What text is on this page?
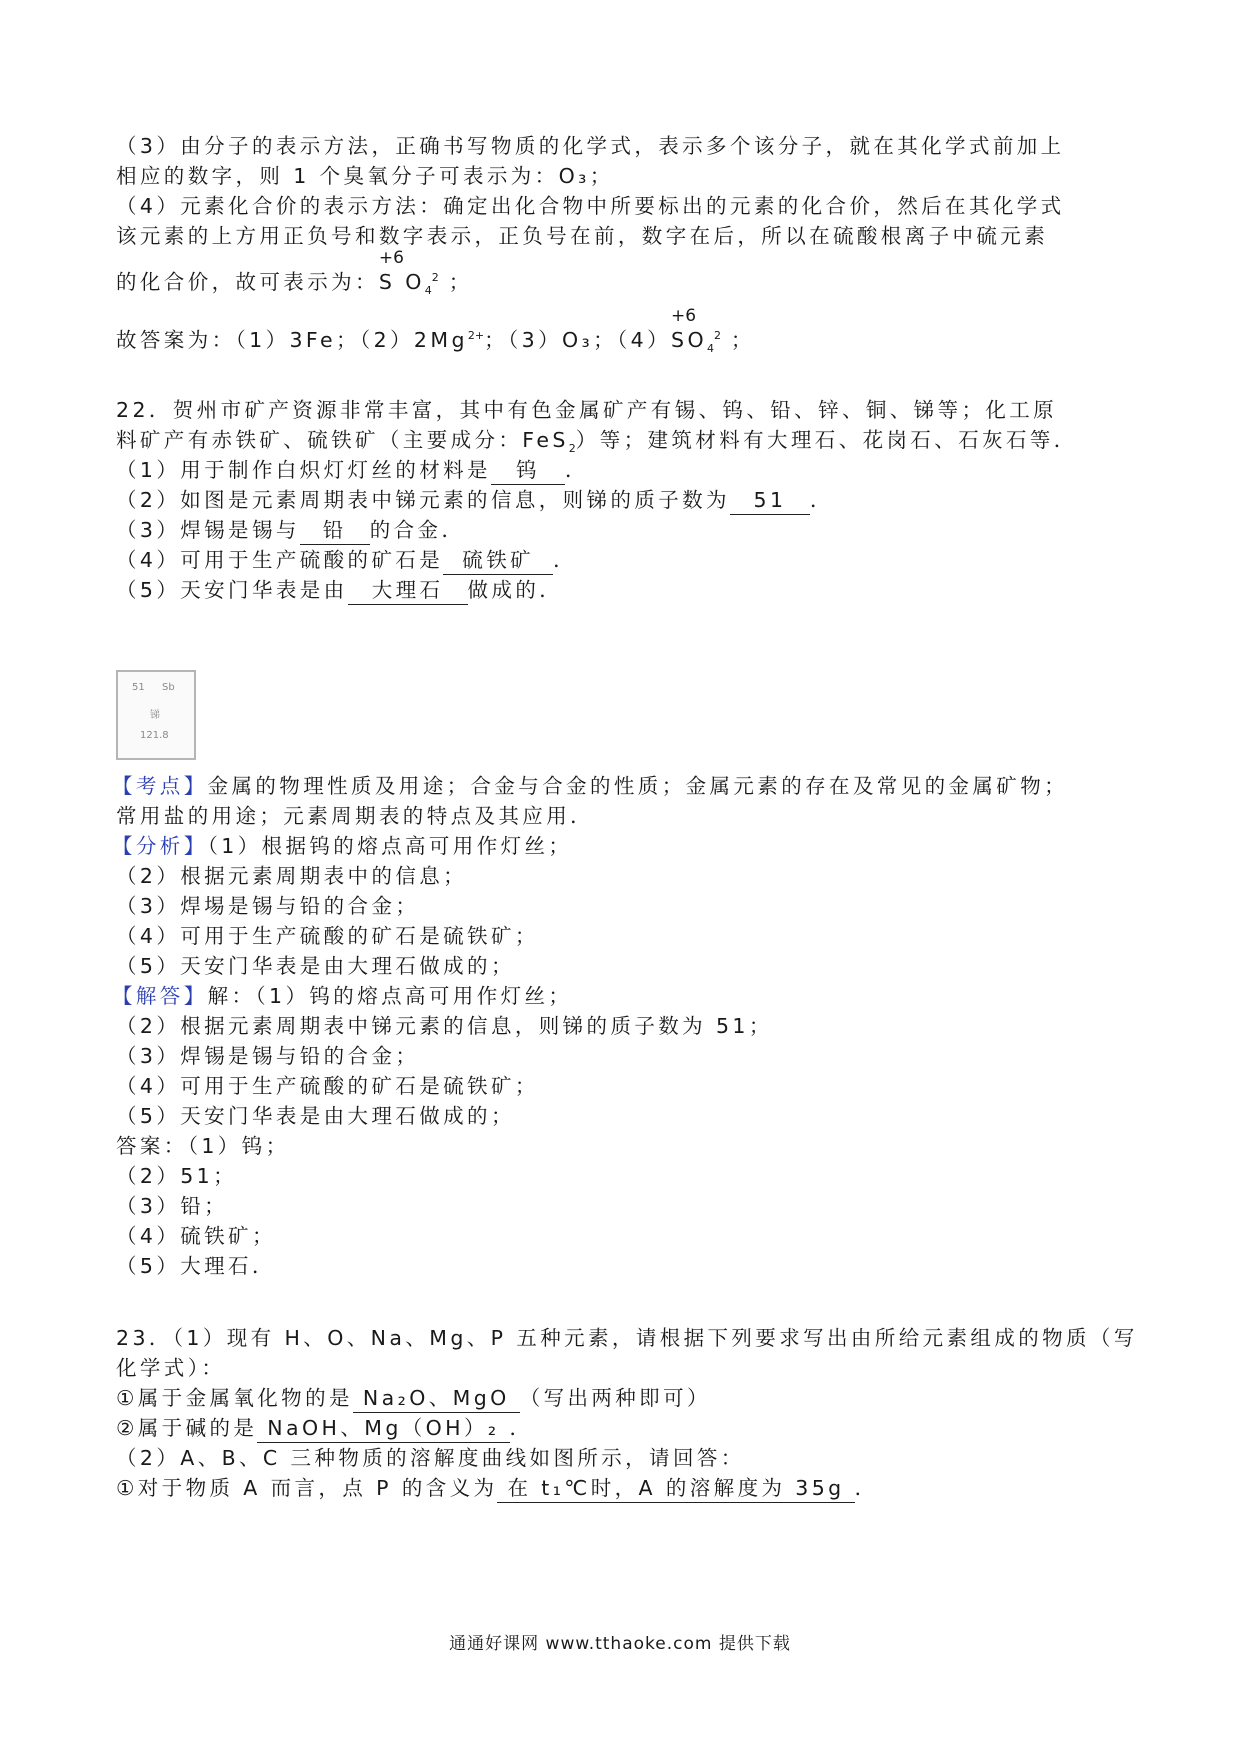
（3）由分子的表示方法，正确书写物质的化学式，表示多个该分子，就在其化学式前加上
相应的数字，则 1 个臭氧分子可表示为：O₃；
（4）元素化合价的表示方法：确定出化合物中所要标出的元素的化合价，然后在其化学式
该元素的上方用正负号和数字表示，正负号在前，数字在后，所以在硫酸根离子中硫元素
的化合价，故可表示为：
+6
S $O_4^2$ ；
故答案为：（1）3Fe；$(2)2Mg^{2+}$；（3）O₃；（4）
+6
$SO_4^2$ ；
22．贺州市矿产资源非常丰富，其中有色金属矿产有锡、钨、铅、锌、铜、锑等；化工原
料矿产有赤铁矿、硫铁矿（主要成分：FeS$_2$）等；建筑材料有大理石、花岗石、石灰石等．
（1）用于制作白炽灯灯丝的材料是 钨 ．
（2）如图是元素周期表中锑元素的信息，则锑的质子数为 51 ．
（3）焊锡是锡与 铅 的合金．
（4）可用于生产硫酸的矿石是 硫铁矿 ．
（5）天安门华表是由 大理石 做成的．
51 Sb
锑
121.8
【考点】金属的物理性质及用途；合金与合金的性质；金属元素的存在及常见的金属矿物；
常用盐的用途；元素周期表的特点及其应用．
【分析】（1）根据钨的熔点高可用作灯丝；
（2）根据元素周期表中的信息；
（3）焊埸是锡与铅的合金；
（4）可用于生产硫酸的矿石是硫铁矿；
（5）天安门华表是由大理石做成的；
【解答】解：（1）钨的熔点高可用作灯丝；
（2）根据元素周期表中锑元素的信息，则锑的质子数为 51；
（3）焊锡是锡与铅的合金；
（4）可用于生产硫酸的矿石是硫铁矿；
（5）天安门华表是由大理石做成的；
答案：（1）钨；
（2）51；
（3）铅；
（4）硫铁矿；
（5）大理石．
23．（1）现有 H、O、Na、Mg、P 五种元素，请根据下列要求写出由所给元素组成的物质（写
化学式）：
①属于金属氧化物的是 Na₂O、MgO （写出两种即可）
②属于碱的是 NaOH、Mg（OH）₂ ．
（2）A、B、C 三种物质的溶解度曲线如图所示，请回答：
①对于物质 A 而言，点 P 的含义为 在 t₁℃时，A 的溶解度为 35g ．
通通好课网 www.tthaoke.com 提供下载
